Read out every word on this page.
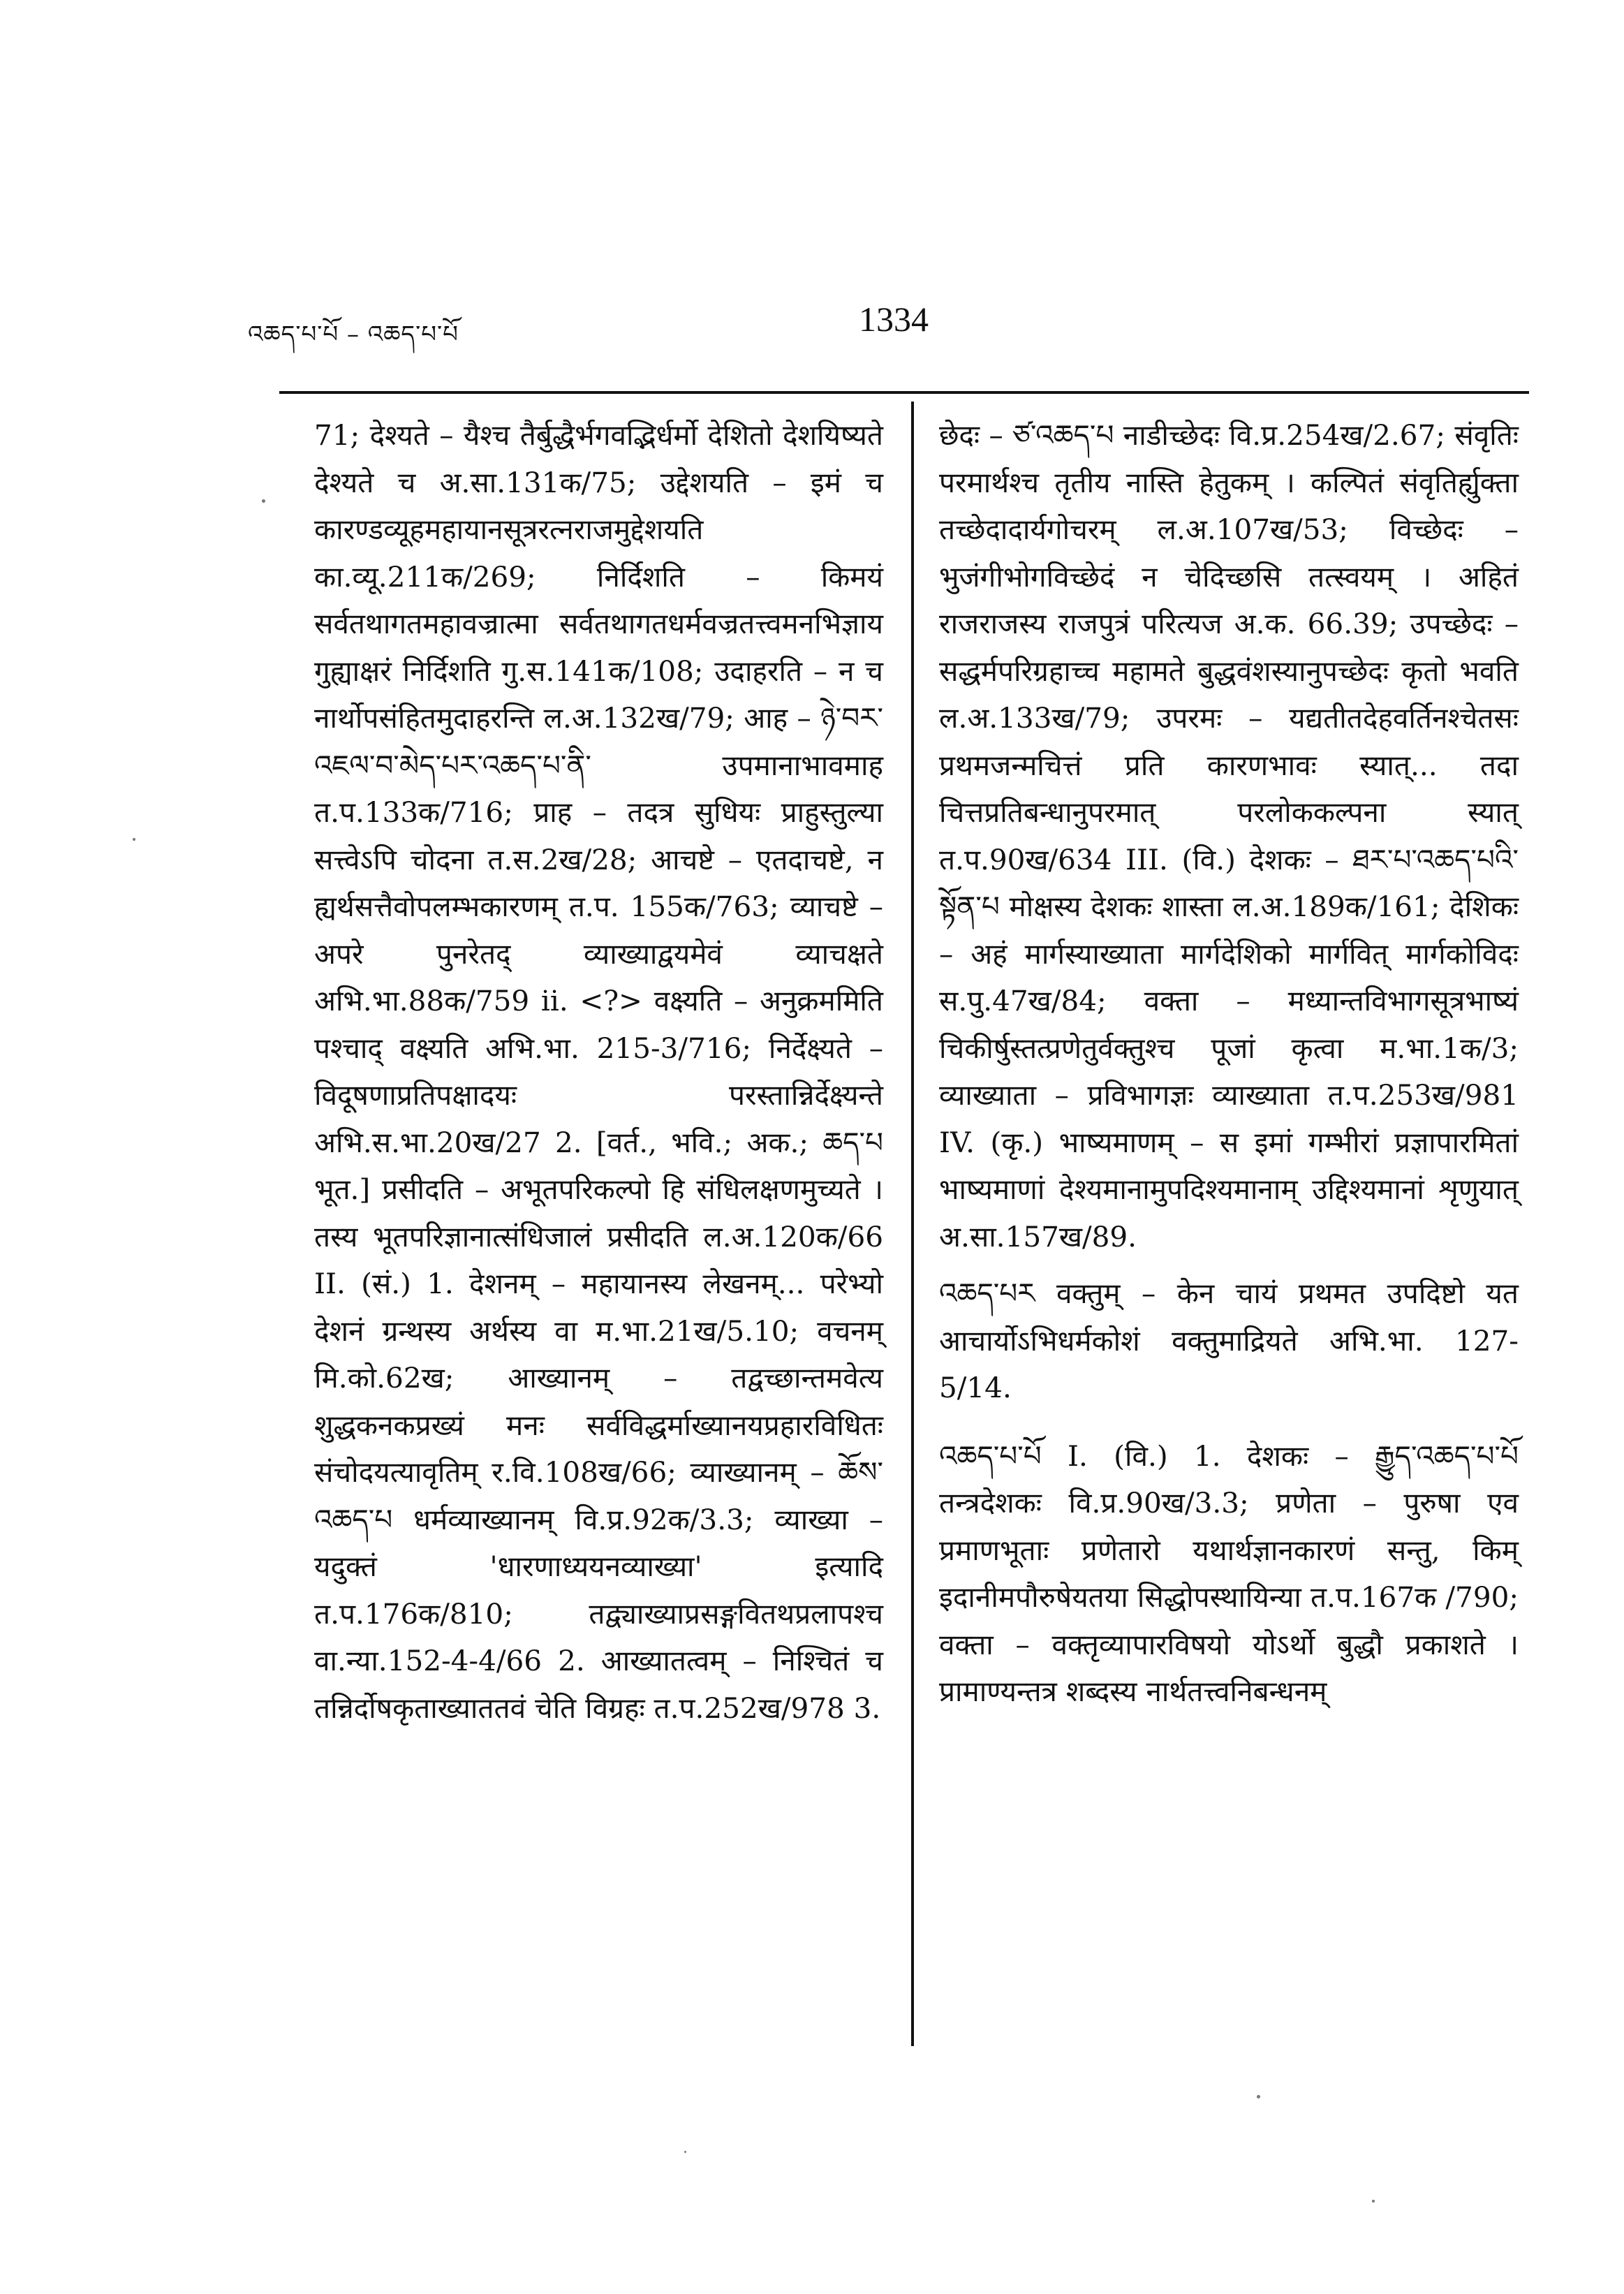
འཆད་པ་པོ – འཆད་པ་པོ	1334

71; देश्यते – यैश्च तैर्बुद्धैर्भगवद्भिर्धर्मो देशितो देशयिष्यते देश्यते च अ.सा.131क/75; उद्देशयति – इमं च कारण्डव्यूहमहायानसूत्ररत्नराजमुद्देशयति का.व्यू.211क/269; निर्दिशति – किमयं सर्वतथागतमहावज्रात्मा सर्वतथागतधर्मवज्रतत्त्वमनभिज्ञाय गुह्याक्षरं निर्दिशति गु.स.141क/108; उदाहरति – न च नार्थोपसंहितमुदाहरन्ति ल.अ.132ख/79; आह – ཉེ་བར་འཇལ་བ་མེད་པར་འཆད་པ་ནི་ उपमानाभावमाह त.प.133क/716; प्राह – तदत्र सुधियः प्राहुस्तुल्या सत्त्वेऽपि चोदना त.स.2ख/28; आचष्टे – एतदाचष्टे, न ह्यर्थसत्तैवोपलम्भकारणम् त.प. 155क/763; व्याचष्टे – अपरे पुनरेतद् व्याख्याद्वयमेवं व्याचक्षते अभि.भा.88क/759 ii. <?> वक्ष्यति – अनुक्रममिति पश्चाद् वक्ष्यति अभि.भा. 215-3/716; निर्देक्ष्यते – विदूषणाप्रतिपक्षादयः परस्तान्निर्देक्ष्यन्ते अभि.स.भा.20ख/27 2. [वर्त., भवि.; अक.; ཆད་པ भूत.] प्रसीदति – अभूतपरिकल्पो हि संधिलक्षणमुच्यते । तस्य भूतपरिज्ञानात्संधिजालं प्रसीदति ल.अ.120क/66 II. (सं.) 1. देशनम् – महायानस्य लेखनम्... परेभ्यो देशनं ग्रन्थस्य अर्थस्य वा म.भा.21ख/5.10; वचनम् मि.को.62ख; आख्यानम् – तद्वच्छान्तमवेत्य शुद्धकनकप्रख्यं मनः सर्वविद्धर्माख्यानयप्रहारविधितः संचोदयत्यावृतिम् र.वि.108ख/66; व्याख्यानम् – ཆོས་འཆད་པ धर्मव्याख्यानम् वि.प्र.92क/3.3; व्याख्या – यदुक्तं 'धारणाध्ययनव्याख्या' इत्यादि त.प.176क/810; तद्व्याख्याप्रसङ्गवितथप्रलापश्च वा.न्या.152-4-4/66 2. आख्यातत्वम् – निश्चितं च तन्निर्दोषकृताख्याततवं चेति विग्रहः त.प.252ख/978 3.

छेदः – ཙ་འཆད་པ नाडीच्छेदः वि.प्र.254ख/2.67; संवृतिः परमार्थश्च तृतीय नास्ति हेतुकम् । कल्पितं संवृतिर्ह्युक्ता तच्छेदादार्यगोचरम् ल.अ.107ख/53; विच्छेदः – भुजंगीभोगविच्छेदं न चेदिच्छसि तत्स्वयम् । अहितं राजराजस्य राजपुत्रं परित्यज अ.क. 66.39; उपच्छेदः – सद्धर्मपरिग्रहाच्च महामते बुद्धवंशस्यानुपच्छेदः कृतो भवति ल.अ.133ख/79; उपरमः – यद्यतीतदेहवर्तिनश्चेतसः प्रथमजन्मचित्तं प्रति कारणभावः स्यात्... तदा चित्तप्रतिबन्धानुपरमात् परलोककल्पना स्यात् त.प.90ख/634 III. (वि.) देशकः – ཐར་པ་འཆད་པའི་སྟོན་པ मोक्षस्य देशकः शास्ता ल.अ.189क/161; देशिकः – अहं मार्गस्याख्याता मार्गदेशिको मार्गवित् मार्गकोविदः स.पु.47ख/84; वक्ता – मध्यान्तविभागसूत्रभाष्यं चिकीर्षुस्तत्प्रणेतुर्वक्तुश्च पूजां कृत्वा म.भा.1क/3; व्याख्याता – प्रविभागज्ञः व्याख्याता त.प.253ख/981 IV. (कृ.) भाष्यमाणम् – स इमां गम्भीरां प्रज्ञापारमितां भाष्यमाणां देश्यमानामुपदिश्यमानाम् उद्दिश्यमानां शृणुयात् अ.सा.157ख/89.

འཆད་པར वक्तुम् – केन चायं प्रथमत उपदिष्टो यत आचार्योऽभिधर्मकोशं वक्तुमाद्रियते अभि.भा. 127-5/14.

འཆད་པ་པོ I. (वि.) 1. देशकः – རྒྱུད་འཆད་པ་པོ तन्त्रदेशकः वि.प्र.90ख/3.3; प्रणेता – पुरुषा एव प्रमाणभूताः प्रणेतारो यथार्थज्ञानकारणं सन्तु, किम् इदानीमपौरुषेयतया सिद्धोपस्थायिन्या त.प.167क /790; वक्ता – वक्तृव्यापारविषयो योऽर्थो बुद्धौ प्रकाशते । प्रामाण्यन्तत्र शब्दस्य नार्थतत्त्वनिबन्धनम्
